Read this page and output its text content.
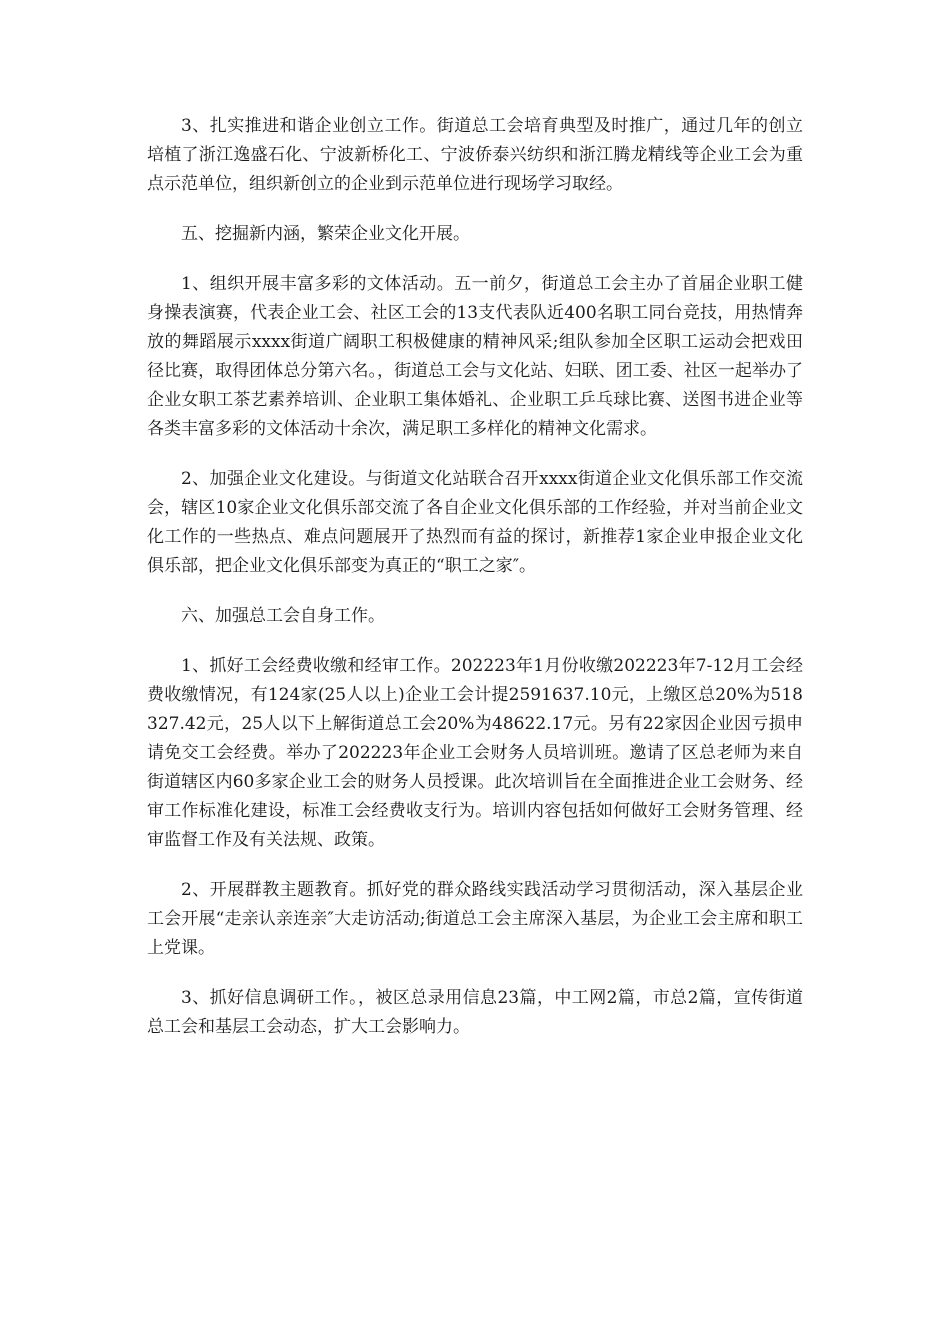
3、扎实推进和谐企业创立工作。街道总工会培育典型及时推广，通过几年的创立培植了浙江逸盛石化、宁波新桥化工、宁波侨泰兴纺织和浙江腾龙精线等企业工会为重点示范单位，组织新创立的企业到示范单位进行现场学习取经。

五、挖掘新内涵，繁荣企业文化开展。

1、组织开展丰富多彩的文体活动。五一前夕，街道总工会主办了首届企业职工健身操表演赛，代表企业工会、社区工会的13支代表队近400名职工同台竞技，用热情奔放的舞蹈展示xxxx街道广阔职工积极健康的精神风采;组队参加全区职工运动会把戏田径比赛，取得团体总分第六名。，街道总工会与文化站、妇联、团工委、社区一起举办了企业女职工茶艺素养培训、企业职工集体婚礼、企业职工乒乓球比赛、送图书进企业等各类丰富多彩的文体活动十余次，满足职工多样化的精神文化需求。

2、加强企业文化建设。与街道文化站联合召开xxxx街道企业文化俱乐部工作交流会，辖区10家企业文化俱乐部交流了各自企业文化俱乐部的工作经验，并对当前企业文化工作的一些热点、难点问题展开了热烈而有益的探讨，新推荐1家企业申报企业文化俱乐部，把企业文化俱乐部变为真正的“职工之家″。

六、加强总工会自身工作。

1、抓好工会经费收缴和经审工作。202223年1月份收缴202223年7-12月工会经费收缴情况，有124家(25人以上)企业工会计提2591637.10元，上缴区总20%为518327.42元，25人以下上解街道总工会20%为48622.17元。另有22家因企业因亏损申请免交工会经费。举办了202223年企业工会财务人员培训班。邀请了区总老师为来自街道辖区内60多家企业工会的财务人员授课。此次培训旨在全面推进企业工会财务、经审工作标准化建设，标准工会经费收支行为。培训内容包括如何做好工会财务管理、经审监督工作及有关法规、政策。

2、开展群教主题教育。抓好党的群众路线实践活动学习贯彻活动，深入基层企业工会开展“走亲认亲连亲″大走访活动;街道总工会主席深入基层，为企业工会主席和职工上党课。

3、抓好信息调研工作。，被区总录用信息23篇，中工网2篇，市总2篇，宣传街道总工会和基层工会动态，扩大工会影响力。
